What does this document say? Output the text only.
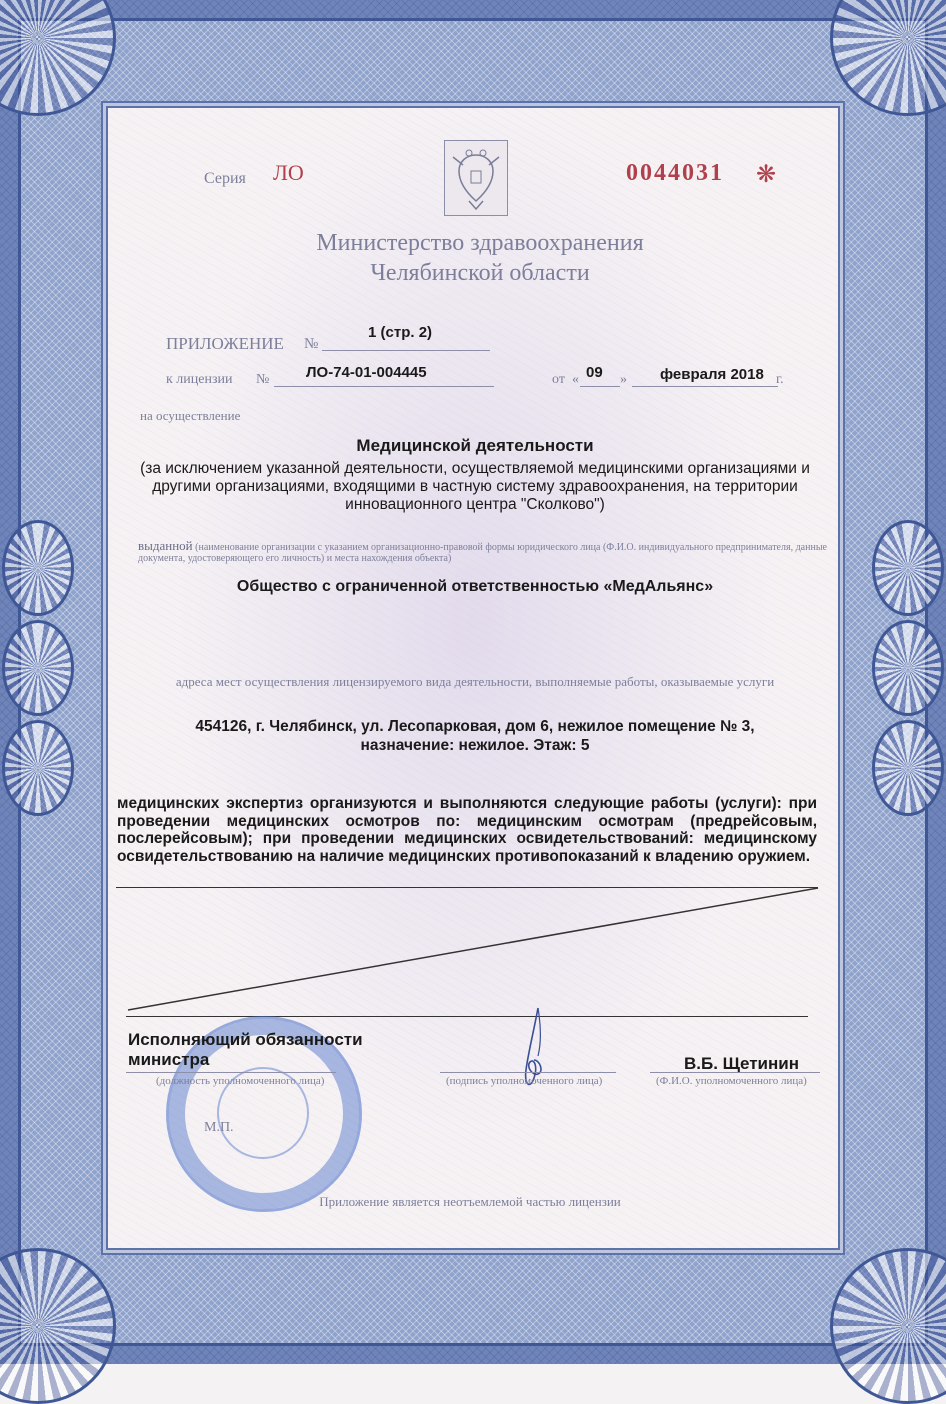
Серия ЛО	0044031 ❋
Министерство здравоохранения
Челябинской области
ПРИЛОЖЕНИЕ №
1 (стр. 2)
к лицензии № ЛО-74-01-004445	от « 09 » февраля 2018 г.
на осуществление
Медицинской деятельности
(за исключением указанной деятельности, осуществляемой медицинскими организациями и другими организациями, входящими в частную систему здравоохранения, на территории инновационного центра "Сколково")
выданной (наименование организации с указанием организационно-правовой формы юридического лица (Ф.И.О. индивидуального предпринимателя, данные документа, удостоверяющего его личность) и места нахождения объекта)
Общество с ограниченной ответственностью «МедАльянс»
адреса мест осуществления лицензируемого вида деятельности, выполняемые работы, оказываемые услуги
454126, г. Челябинск, ул. Лесопарковая, дом 6, нежилое помещение № 3,
назначение: нежилое. Этаж: 5
медицинских экспертиз организуются и выполняются следующие работы (услуги): при проведении медицинских осмотров по: медицинским осмотрам (предрейсовым, послерейсовым); при проведении медицинских освидетельствований: медицинскому освидетельствованию на наличие медицинских противопоказаний к владению оружием.
Исполняющий обязанности
министра
(должность уполномоченного лица)	(подпись уполномоченного лица)
В.Б. Щетинин
(Ф.И.О. уполномоченного лица)
М.П.
Приложение является неотъемлемой частью лицензии
